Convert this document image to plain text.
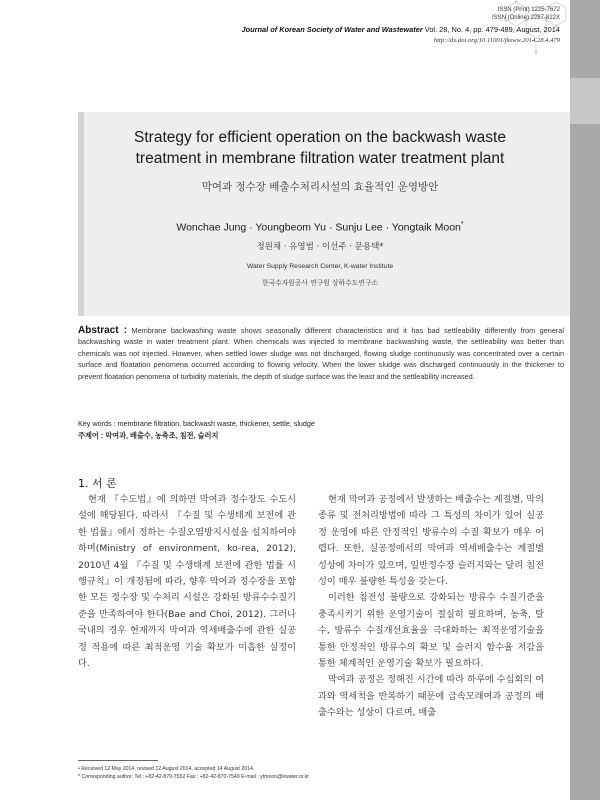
ISSN (Print) 1225-7672
ISSN (Online) 2287-822X
Journal of Korean Society of Water and Wastewater Vol. 28, No. 4, pp. 479-489, August, 2014
http://dx.doi.org/10.11001/jksww.2014.28.4.479
Strategy for efficient operation on the backwash waste treatment in membrane filtration water treatment plant
막여과 정수장 배출수처리시설의 효율적인 운영방안
Wonchae Jung · Youngbeom Yu · Sunju Lee · Yongtaik Moon*
정원채 · 유영범 · 이선주 · 문용택*
Water Supply Research Center, K-water Institute
한국수자원공사 연구원 상하수도연구소
Abstract : Membrane backwashing waste shows seasonally different characteristics and it has bad settleability differently from general backwashing waste in water treatment plant. When chemicals was injected to membrane backwashing waste, the settleability was better than chemicals was not injected. However, when settled lower sludge was not discharged, flowing sludge continuously was concentrated over a certain surface and floatation penomena occurred according to flowing velocity. When the lower sludge was discharged continuously in the thickener to prevent floatation penomena of turbidity materials, the depth of sludge surface was the least and the settleability increased.
Key words : membrane filtration, backwash waste, thickener, settle, sludge
주제어 : 막여과, 배출수, 농축조, 침전, 슬러지
1. 서 론

현재 『수도법』에 의하면 막여과 정수장도 수도시설에 해당된다. 따라서 『수질 및 수생태계 보전에 관한 법률』에서 정하는 수질오염방지시설을 설치하여야 하며(Ministry of environment, ko-rea, 2012), 2010년 4월 『수질 및 수생태계 보전에 관한 법률 시행규칙』이 개정됨에 따라, 향후 막여과 정수장을 포함한 모든 정수장 및 수처리 시설은 강화된 방류수수질기준을 만족하여야 한다(Bae and Choi, 2012). 그러나 국내의 경우 현재까지 막여과 역세배출수에 관한 실공정 적용에 따른 최적운영 기술 확보가 미흡한 실정이다.

현재 막여과 공정에서 발생하는 배출수는 계절별, 막의 종류 및 전처리방법에 따라 그 특성의 차이가 있어 실공정 운영에 따른 안정적인 방류수의 수질 확보가 매우 어렵다. 또한, 실공정에서의 막여과 역세배출수는 계절별 성상에 차이가 있으며, 일반정수장 슬러지와는 달리 침전성이 매우 불량한 특성을 갖는다.

이러한 침전성 불량으로 강화되는 방류수 수질기준을 충족시키기 위한 운영기술이 절실히 필요하며, 농축, 탈수, 방류수 수질개선효율을 극대화하는 최적운영기술을 통한 안정적인 방류수의 확보 및 슬러지 함수율 저감을 통한 체계적인 운영기술 확보가 필요하다.

막여과 공정은 정해진 시간에 따라 하루에 수십회의 여과와 역세척을 반복하기 때문에 급속모래여과 공정의 배출수와는 성상이 다르며, 배출

• Received 12 May 2014, revised 12 August 2014, accepted 14 August 2014.
* Corresponding author: Tel : +82-42-870-7552 Fax : +82-42-870-7549 E-mail : ytmoon@kwater.or.kr
